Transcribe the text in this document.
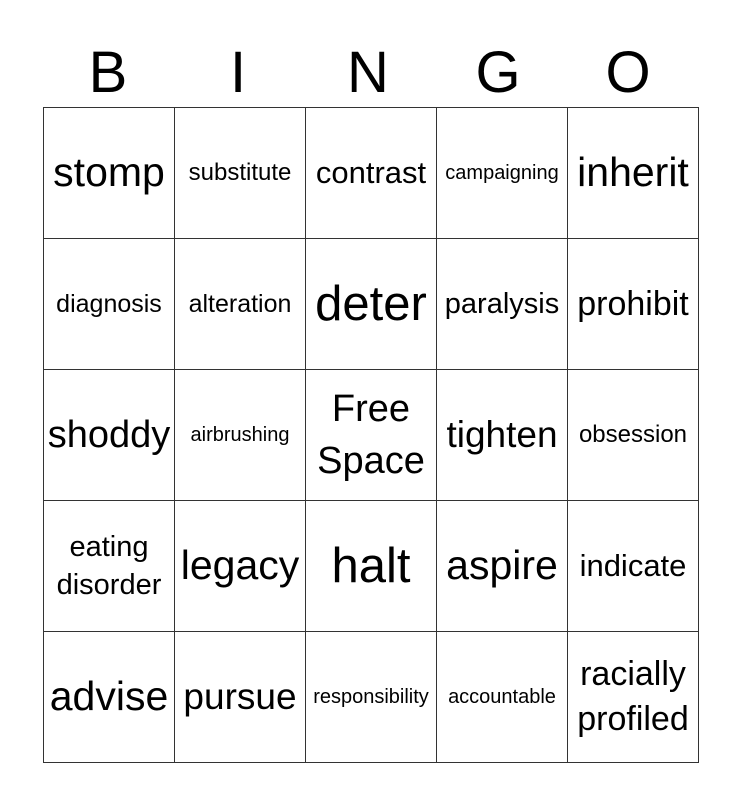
B	I	N	G	O
stomp	substitute	contrast	campaigning	inherit

diagnosis	alteration	deter	paralysis	prohibit

shoddy	airbrushing	Free Space	tighten	obsession

eating disorder	legacy	halt	aspire	indicate

advise	pursue	responsibility	accountable	racially profiled
